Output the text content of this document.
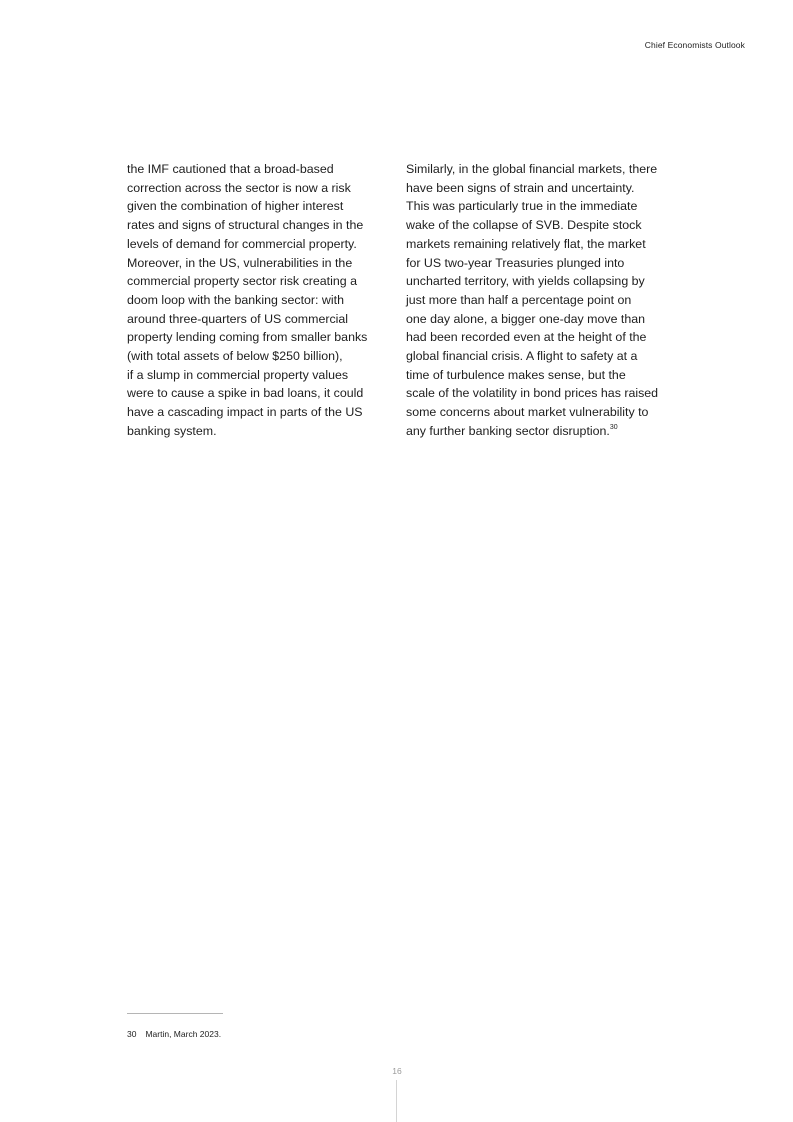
Chief Economists Outlook

the IMF cautioned that a broad-based
correction across the sector is now a risk
given the combination of higher interest
rates and signs of structural changes in the
levels of demand for commercial property.
Moreover, in the US, vulnerabilities in the
commercial property sector risk creating a
doom loop with the banking sector: with
around three-quarters of US commercial
property lending coming from smaller banks
(with total assets of below $250 billion),
if a slump in commercial property values
were to cause a spike in bad loans, it could
have a cascading impact in parts of the US
banking system.

Similarly, in the global financial markets, there
have been signs of strain and uncertainty.
This was particularly true in the immediate
wake of the collapse of SVB. Despite stock
markets remaining relatively flat, the market
for US two-year Treasuries plunged into
uncharted territory, with yields collapsing by
just more than half a percentage point on
one day alone, a bigger one-day move than
had been recorded even at the height of the
global financial crisis. A flight to safety at a
time of turbulence makes sense, but the
scale of the volatility in bond prices has raised
some concerns about market vulnerability to
any further banking sector disruption.$^{30}$

30 Martin, March 2023.
16
